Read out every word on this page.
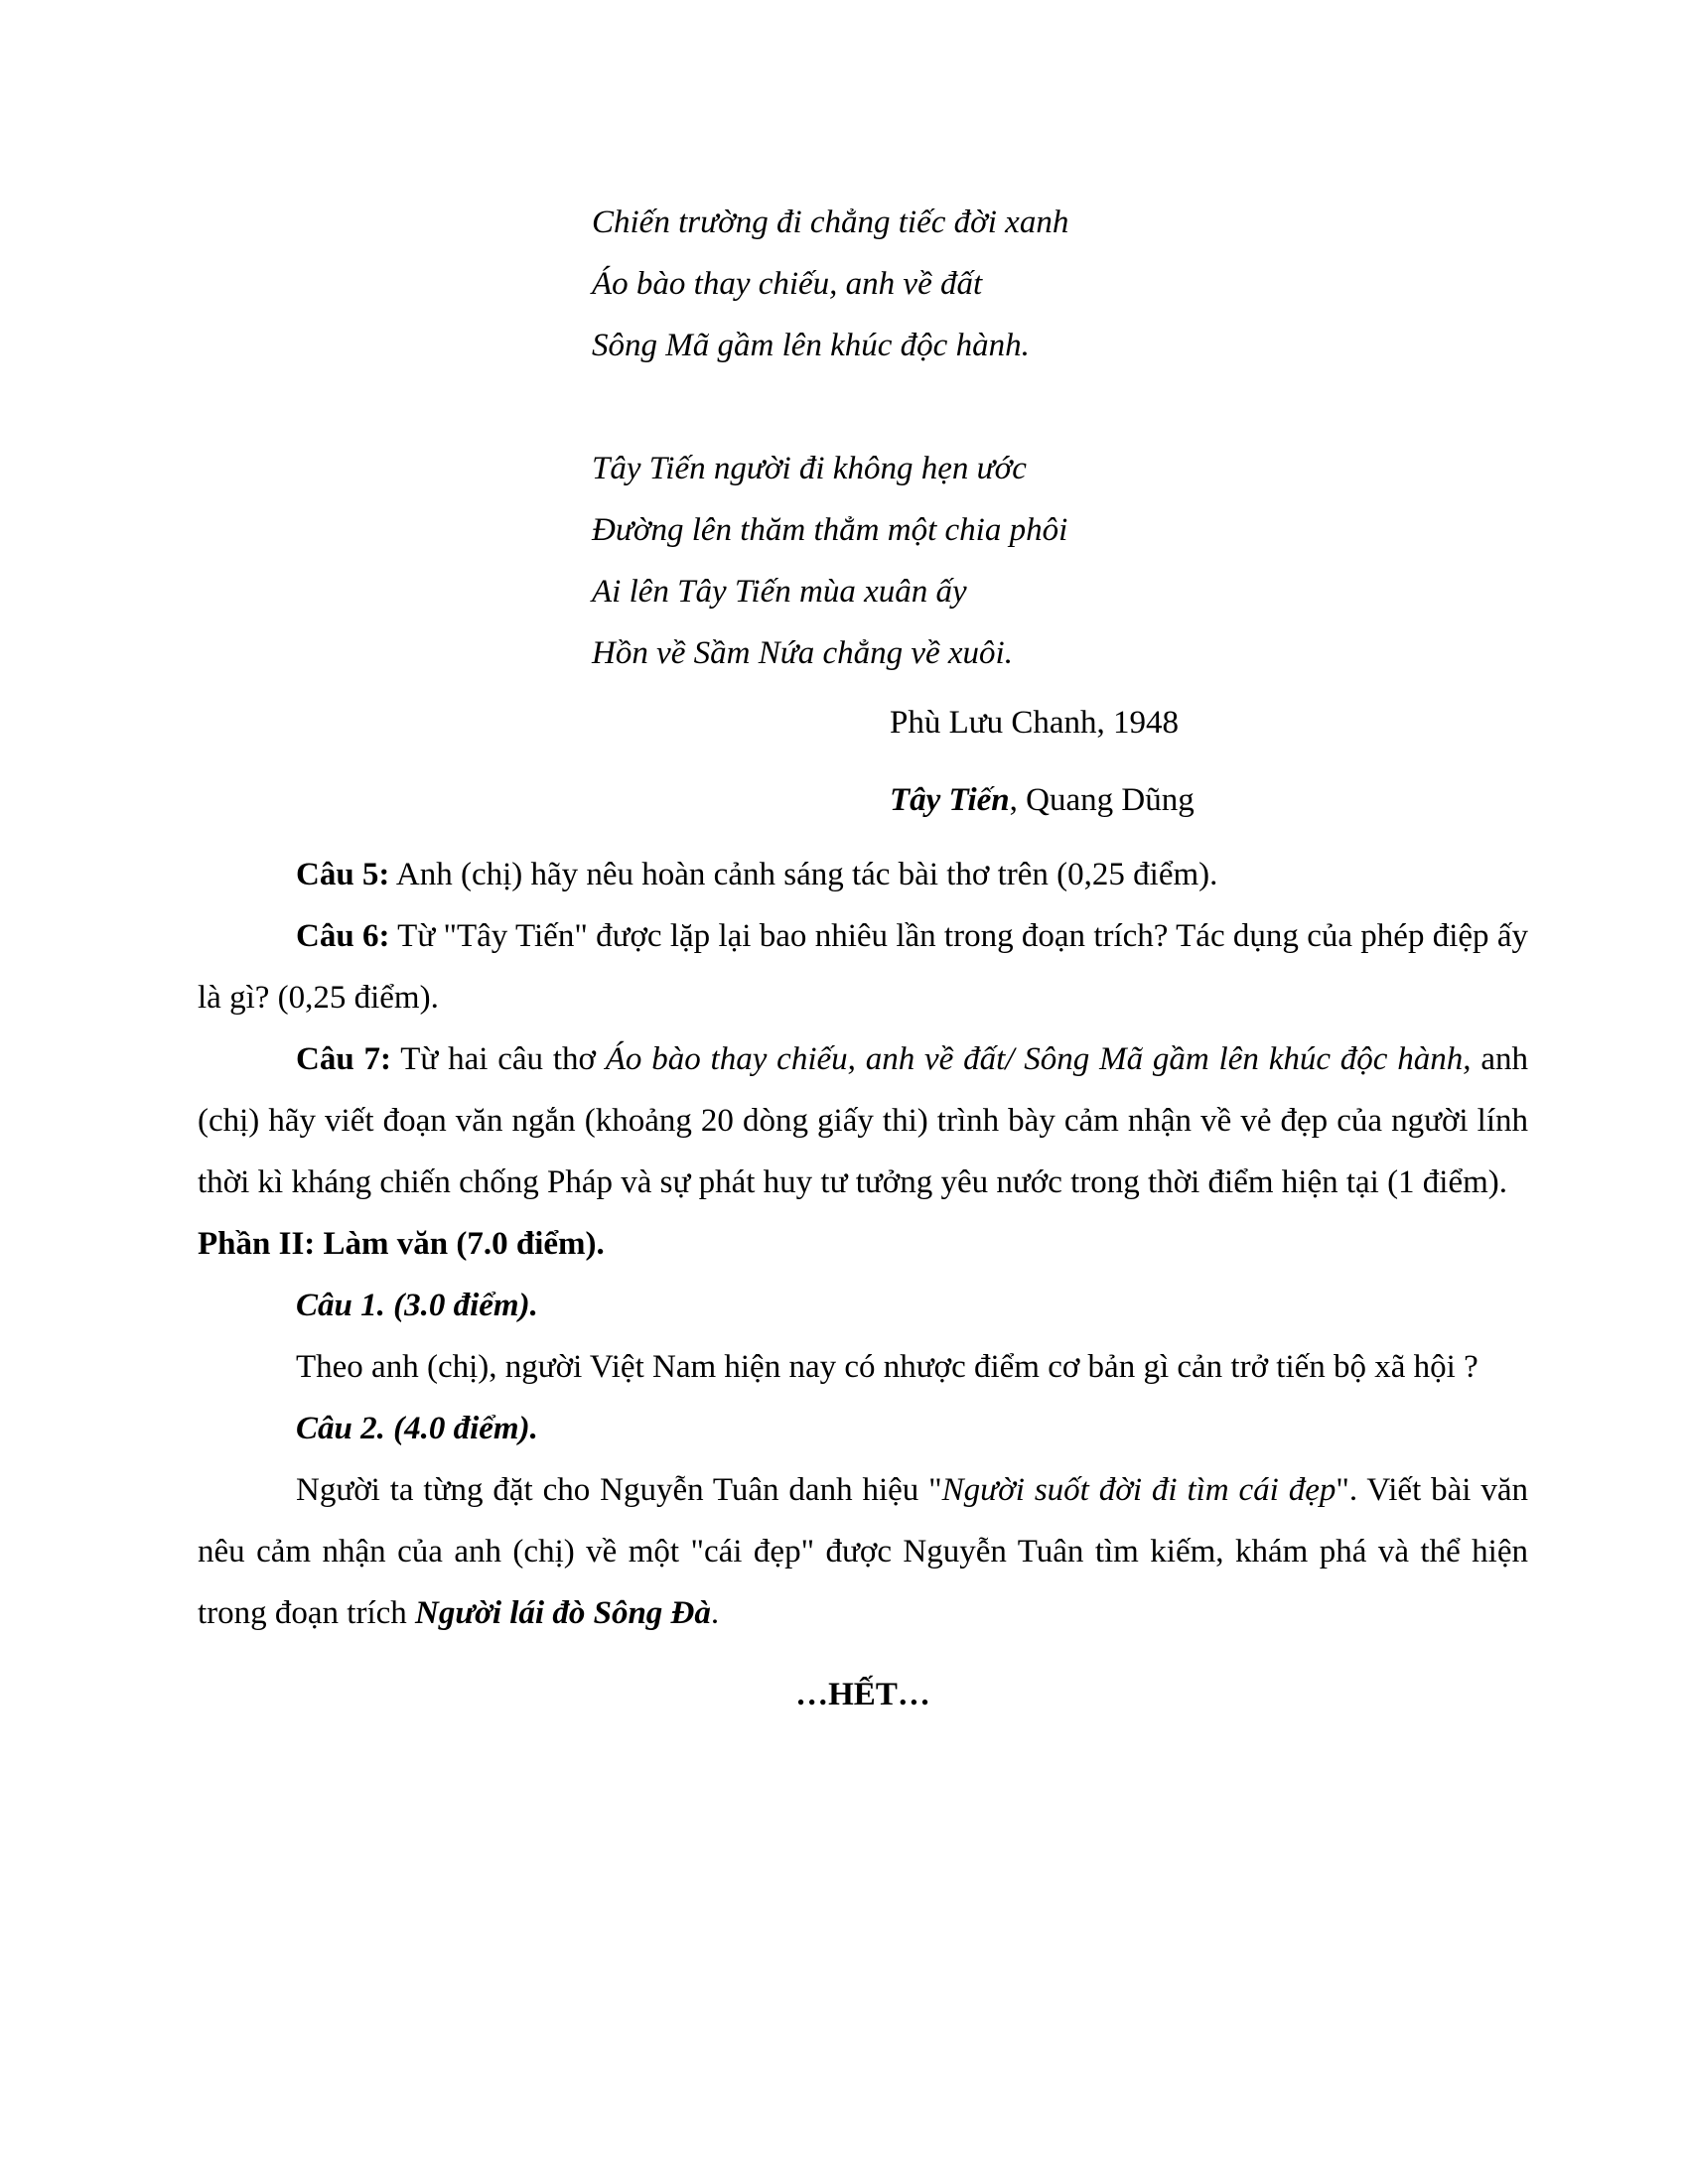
Chiến trường đi chẳng tiếc đời xanh
Áo bào thay chiếu, anh về đất
Sông Mã gầm lên khúc độc hành.
Tây Tiến người đi không hẹn ước
Đường lên thăm thẳm một chia phôi
Ai lên Tây Tiến mùa xuân ấy
Hồn về Sầm Nứa chẳng về xuôi.
Phù Lưu Chanh, 1948
Tây Tiến, Quang Dũng

Câu 5: Anh (chị) hãy nêu hoàn cảnh sáng tác bài thơ trên (0,25 điểm).

Câu 6: Từ "Tây Tiến" được lặp lại bao nhiêu lần trong đoạn trích? Tác dụng của phép điệp ấy là gì? (0,25 điểm).

Câu 7: Từ hai câu thơ Áo bào thay chiếu, anh về đất/ Sông Mã gầm lên khúc độc hành, anh (chị) hãy viết đoạn văn ngắn (khoảng 20 dòng giấy thi) trình bày cảm nhận về vẻ đẹp của người lính thời kì kháng chiến chống Pháp và sự phát huy tư tưởng yêu nước trong thời điểm hiện tại (1 điểm).

Phần II: Làm văn (7.0 điểm).

Câu 1. (3.0 điểm).

Theo anh (chị), người Việt Nam hiện nay có nhược điểm cơ bản gì cản trở tiến bộ xã hội ?

Câu 2. (4.0 điểm).

Người ta từng đặt cho Nguyễn Tuân danh hiệu "Người suốt đời đi tìm cái đẹp". Viết bài văn nêu cảm nhận của anh (chị) về một "cái đẹp" được Nguyễn Tuân tìm kiếm, khám phá và thể hiện trong đoạn trích Người lái đò Sông Đà.

…HẾT…
